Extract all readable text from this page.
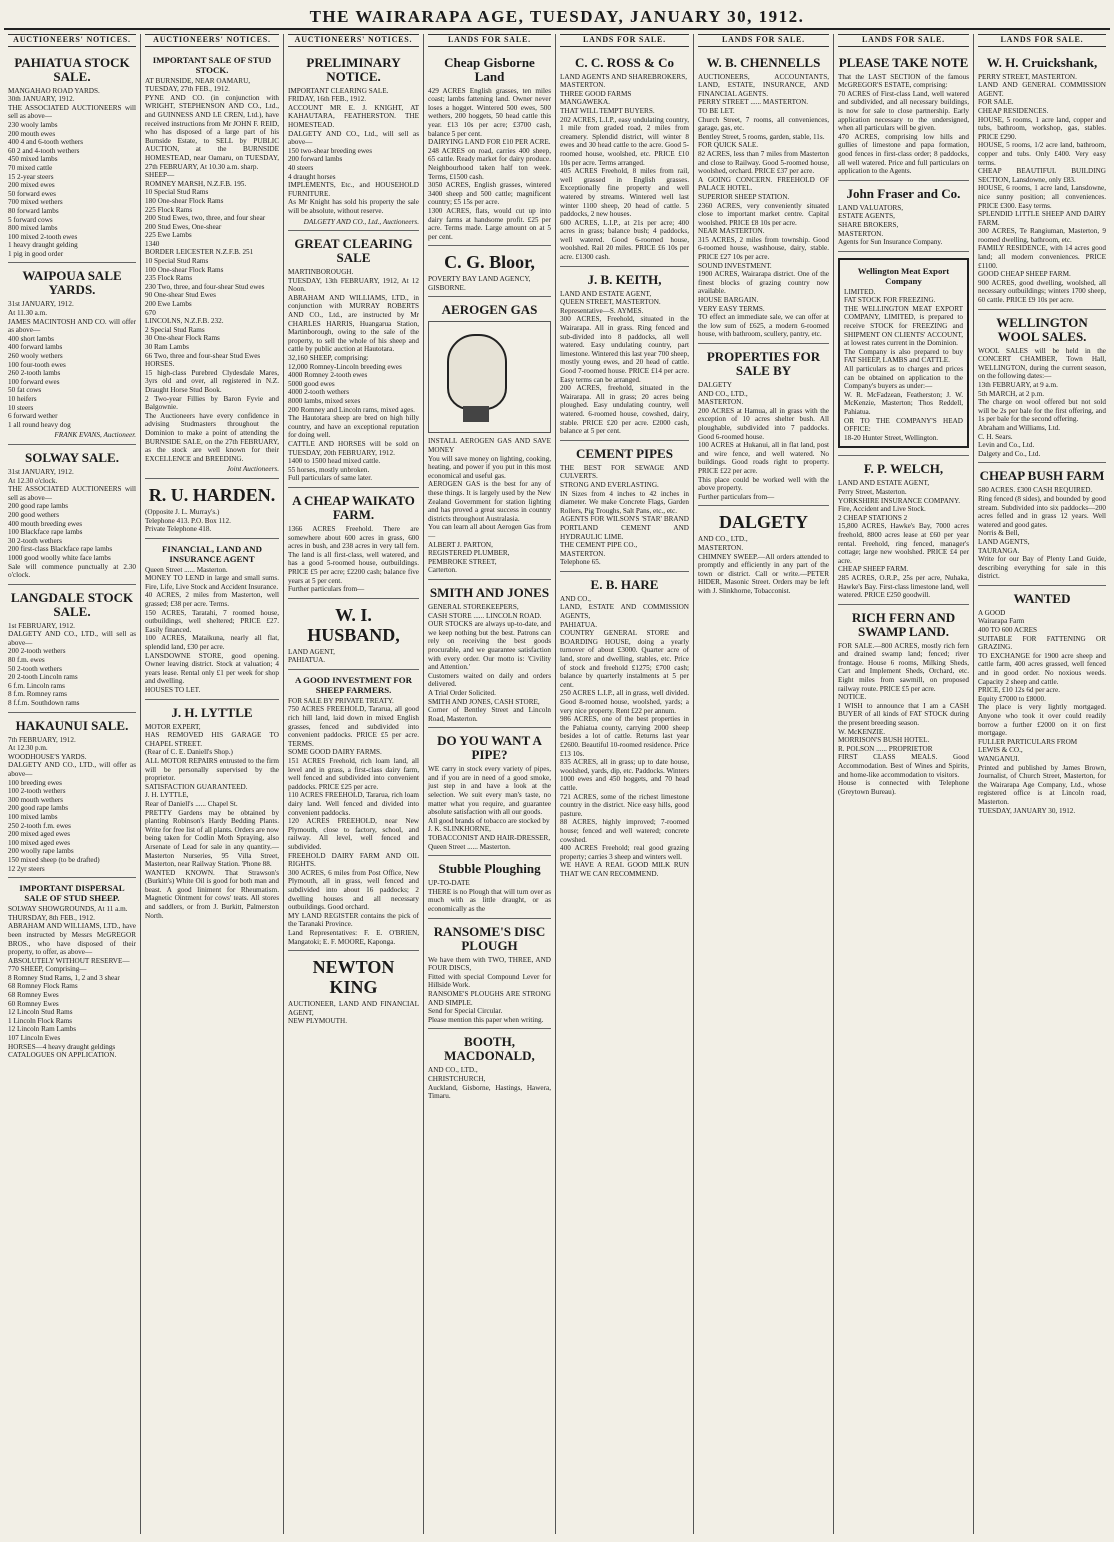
THE WAIRARAPA AGE, TUESDAY, JANUARY 30, 1912.
AUCTIONEERS' NOTICES.
PAHIATUA STOCK SALE.
MANGAHAO ROAD YARDS.
30th JANUARY, 1912.
THE ASSOCIATED AUCTIONEERS will sell as above—
230 wooly lambs
200 mouth ewes
400 4 and 6-tooth wethers
60 2 and 4-tooth wethers
450 mixed lambs
70 mixed cattle
15 2-year steers
200 mixed ewes
50 forward ewes
700 mixed wethers
80 forward lambs
5 forward cows
800 mixed lambs
100 mixed 2-tooth ewes
1 heavy draught gelding
1 pig in good order
WAIPOUA SALE YARDS.
31st JANUARY, 1912.
At 11.30 a.m.
JAMES MACINTOSH AND CO. will offer as above—
400 short lambs
400 forward lambs
260 wooly wethers
100 four-tooth ewes
260 2-tooth lambs
100 forward ewes
50 fat cows
10 heifers
10 steers
6 forward wether
1 all round heavy dog
FRANK EVANS, Auctioneer.
SOLWAY SALE.
31st JANUARY, 1912.
At 12.30 o'clock.
THE ASSOCIATED AUCTIONEERS will sell as above—
200 good rape lambs
200 good wethers
400 mouth breeding ewes
100 Blackface rape lambs
30 2-tooth wethers
200 first-class Blackface rape lambs
1000 good woolly white face lambs
Sale will commence punctually at 2.30 o'clock.
LANGDALE STOCK SALE.
1st FEBRUARY, 1912.
DALGETY AND CO., LTD., will sell as above—
200 2-tooth wethers
80 f.m. ewes
50 2-tooth wethers
20 2-tooth Lincoln rams
6 f.m. Lincoln rams
8 f.m. Romney rams
8 f.f.m. Southdown rams
HAKAUNUI SALE.
7th FEBRUARY, 1912.
At 12.30 p.m.
WOODHOUSE'S YARDS.
DALGETY AND CO., LTD., will offer as above—
100 breeding ewes
100 2-tooth wethers
300 mouth wethers
200 good rape lambs
100 mixed lambs
250 2-tooth f.m. ewes
200 mixed aged ewes
100 mixed aged ewes
200 woolly rape lambs
150 mixed sheep (to be drafted)
12 2yr steers
IMPORTANT DISPERSAL SALE OF STUD SHEEP.
SOLWAY SHOWGROUNDS, At 11 a.m.
THURSDAY, 8th FEB., 1912.
ABRAHAM AND WILLIAMS, LTD., have been instructed by Messrs McGREGOR BROS., who have disposed of their property, to offer, as above—
ABSOLUTELY WITHOUT RESERVE—
770 SHEEP, Comprising—
8 Romney Stud Rams, 1, 2 and 3 shear
68 Romney Flock Rams
68 Romney Ewes
60 Romney Ewes
12 Lincoln Stud Rams
1 Lincoln Flock Rams
12 Lincoln Ram Lambs
107 Lincoln Ewes
HORSES—4 heavy draught geldings
CATALOGUES ON APPLICATION.
AUCTIONEERS' NOTICES.
IMPORTANT SALE OF STUD STOCK.
AT BURNSIDE, NEAR OAMARU,
TUESDAY, 27th FEB., 1912.
PYNE AND CO. (in conjunction with WRIGHT, STEPHENSON AND CO., Ltd., and GUINNESS AND LE CREN, Ltd.), have received instructions from Mr JOHN F. REID, who has disposed of a large part of his Burnside Estate, to SELL by PUBLIC AUCTION, at the BURNSIDE HOMESTEAD, near Oamaru, on TUESDAY, 27th FEBRUARY, At 10.30 a.m. sharp.
SHEEP—
ROMNEY MARSH, N.Z.F.B. 195.
10 Special Stud Rams
180 One-shear Flock Rams
225 Flock Rams
200 Stud Ewes, two, three, and four shear
200 Stud Ewes, One-shear
225 Ewe Lambs
1340
BORDER LEICESTER N.Z.F.B. 251
10 Special Stud Rams
100 One-shear Flock Rams
235 Flock Rams
230 Two, three, and four-shear Stud ewes
90 One-shear Stud Ewes
200 Ewe Lambs
670
LINCOLNS, N.Z.F.B. 232.
2 Special Stud Rams
30 One-shear Flock Rams
30 Ram Lambs
66 Two, three and four-shear Stud Ewes
HORSES.
15 high-class Purebred Clydesdale Mares, 3yrs old and over, all registered in N.Z. Draught Horse Stud Book.
2 Two-year Fillies by Baron Fyvie and Balgownie.
The Auctioneers have every confidence in advising Studmasters throughout the Dominion to make a point of attending the BURNSIDE SALE, on the 27th FEBRUARY, as the stock are well known for their EXCELLENCE and BREEDING.
Joint Auctioneers.
R. U. HARDEN.
(Opposite J. L. Murray's.)
Telephone 413. P.O. Box 112.
Private Telephone 418.
FINANCIAL, LAND AND INSURANCE AGENT
Queen Street ...... Masterton.
MONEY TO LEND in large and small sums. Fire, Life, Live Stock and Accident Insurance.
40 ACRES, 2 miles from Masterton, well grassed; £38 per acre. Terms.
150 ACRES, Taratahi, 7 roomed house, outbuildings, well sheltered; PRICE £27. Easily financed.
100 ACRES, Mataikuna, nearly all flat, splendid land, £30 per acre.
LANSDOWNE STORE, good opening. Owner leaving district. Stock at valuation; 4 years lease. Rental only £1 per week for shop and dwelling.
HOUSES TO LET.
J. H. LYTTLE
MOTOR EXPERT,
HAS REMOVED HIS GARAGE TO CHAPEL STREET.
(Rear of C. E. Daniell's Shop.)
ALL MOTOR REPAIRS entrusted to the firm will be personally supervised by the proprietor.
SATISFACTION GUARANTEED.
J. H. LYTTLE,
Rear of Daniell's ...... Chapel St.
PRETTY Gardens may be obtained by planting Robinson's Hardy Bedding Plants. Write for free list of all plants. Orders are now being taken for Codlin Moth Spraying, also Arsenate of Lead for sale in any quantity.—Masterton Nurseries, 95 Villa Street, Masterton, near Railway Station. 'Phone 88.
WANTED KNOWN. That Strawson's (Burkitt's) White Oil is good for both man and beast. A good liniment for Rheumatism. Magnetic Ointment for cows' teats. All stores and saddlers, or from J. Burkitt, Palmerston North.
AUCTIONEERS' NOTICES.
PRELIMINARY NOTICE.
IMPORTANT CLEARING SALE.
FRIDAY, 16th FEB., 1912.
ACCOUNT MR E. J. KNIGHT, AT KAHAUTARA, FEATHERSTON. THE HOMESTEAD.
DALGETY AND CO., Ltd., will sell as above—
150 two-shear breeding ewes
200 forward lambs
40 steers
4 draught horses
IMPLEMENTS, Etc., and HOUSEHOLD FURNITURE.
As Mr Knight has sold his property the sale will be absolute, without reserve.
DALGETY AND CO., Ltd., Auctioneers.
GREAT CLEARING SALE
MARTINBOROUGH.
TUESDAY, 13th FEBRUARY, 1912, At 12 Noon.
ABRAHAM AND WILLIAMS, LTD., in conjunction with MURRAY ROBERTS AND CO., Ltd., are instructed by Mr CHARLES HARRIS, Huangarua Station, Martinborough, owing to the sale of the property, to sell the whole of his sheep and cattle by public auction at Hautotara.
32,160 SHEEP, comprising:
12,000 Romney-Lincoln breeding ewes
4000 Romney 2-tooth ewes
5000 good ewes
4000 2-tooth wethers
8000 lambs, mixed sexes
200 Romney and Lincoln rams, mixed ages.
The Hautotara sheep are bred on high hilly country, and have an exceptional reputation for doing well.
CATTLE AND HORSES will be sold on TUESDAY, 20th FEBRUARY, 1912.
1400 to 1500 head mixed cattle.
55 horses, mostly unbroken.
Full particulars of same later.
A CHEAP WAIKATO FARM.
1366 ACRES Freehold. There are somewhere about 600 acres in grass, 600 acres in bush, and 238 acres in very tall fern. The land is all first-class, well watered, and has a good 5-roomed house, outbuildings. PRICE £5 per acre; £2200 cash; balance five years at 5 per cent.
Further particulars from—
W. I. HUSBAND,
LAND AGENT,
PAHIATUA.
A GOOD INVESTMENT FOR SHEEP FARMERS.
FOR SALE BY PRIVATE TREATY.
750 ACRES FREEHOLD, Tararua, all good rich hill land, laid down in mixed English grasses, fenced and subdivided into convenient paddocks. PRICE £5 per acre. TERMS.
SOME GOOD DAIRY FARMS.
151 ACRES Freehold, rich loam land, all level and in grass, a first-class dairy farm, well fenced and subdivided into convenient paddocks. PRICE £25 per acre.
110 ACRES FREEHOLD, Tararua, rich loam dairy land. Well fenced and divided into convenient paddocks.
120 ACRES FREEHOLD, near New Plymouth, close to factory, school, and railway. All level, well fenced and subdivided.
FREEHOLD DAIRY FARM AND OIL RIGHTS.
300 ACRES, 6 miles from Post Office, New Plymouth, all in grass, well fenced and subdivided into about 16 paddocks; 2 dwelling houses and all necessary outbuildings. Good orchard.
MY LAND REGISTER contains the pick of the Taranaki Province.
Land Representatives: F. E. O'BRIEN, Mangatoki; E. F. MOORE, Kaponga.
NEWTON KING
AUCTIONEER, LAND AND FINANCIAL AGENT,
NEW PLYMOUTH.
LANDS FOR SALE.
Cheap Gisborne Land
429 ACRES English grasses, ten miles coast; lambs fattening land. Owner never loses a hogget. Wintered 500 ewes, 500 wethers, 200 hoggets, 50 head cattle this year. £13 10s per acre; £3700 cash, balance 5 per cent.
DAIRYING LAND FOR £10 PER ACRE.
248 ACRES on road, carries 400 sheep, 65 cattle. Ready market for dairy produce. Neighbourhood taken half ton week. Terms, £1500 cash.
3050 ACRES, English grasses, wintered 3400 sheep and 500 cattle; magnificent country; £5 15s per acre.
1300 ACRES, flats, would cut up into dairy farms at handsome profit. £25 per acre. Terms made. Large amount on at 5 per cent.
C. G. Bloor,
POVERTY BAY LAND AGENCY,
GISBORNE.
AEROGEN GAS
INSTALL AEROGEN GAS AND SAVE MONEY
You will save money on lighting, cooking, heating, and power if you put in this most economical and useful gas.
AEROGEN GAS is the best for any of these things. It is largely used by the New Zealand Government for station lighting and has proved a great success in country districts throughout Australasia.
You can learn all about Aerogen Gas from—
ALBERT J. PARTON,
REGISTERED PLUMBER,
PEMBROKE STREET,
Carterton.
SMITH AND JONES
GENERAL STOREKEEPERS,
CASH STORE ...... LINCOLN ROAD.
OUR STOCKS are always up-to-date, and we keep nothing but the best. Patrons can rely on receiving the best goods procurable, and we guarantee satisfaction with every order. Our motto is: 'Civility and Attention.'
Customers waited on daily and orders delivered.
A Trial Order Solicited.
SMITH AND JONES, CASH STORE,
Corner of Bentley Street and Lincoln Road, Masterton.
DO YOU WANT A PIPE?
WE carry in stock every variety of pipes, and if you are in need of a good smoke, just step in and have a look at the selection. We suit every man's taste, no matter what you require, and guarantee absolute satisfaction with all our goods.
All good brands of tobacco are stocked by
J. K. SLINKHORNE,
TOBACCONIST AND HAIR-DRESSER,
Queen Street ...... Masterton.
Stubble Ploughing
UP-TO-DATE
THERE is no Plough that will turn over as much with as little draught, or as economically as the
RANSOME'S DISC PLOUGH
We have them with TWO, THREE, AND FOUR DISCS,
Fitted with special Compound Lever for Hillside Work.
RANSOME'S PLOUGHS ARE STRONG AND SIMPLE.
Send for Special Circular.
Please mention this paper when writing.
BOOTH, MACDONALD,
AND CO., LTD.,
CHRISTCHURCH,
Auckland, Gisborne, Hastings, Hawera, Timaru.
LANDS FOR SALE.
C. C. ROSS & Co
LAND AGENTS AND SHAREBROKERS,
MASTERTON.
THREE GOOD FARMS
MANGAWEKA.
THAT WILL TEMPT BUYERS.
202 ACRES, L.I.P., easy undulating country, 1 mile from graded road, 2 miles from creamery. Splendid district, will winter 8 ewes and 30 head cattle to the acre. Good 5-roomed house, woolshed, etc. PRICE £10 10s per acre. Terms arranged.
405 ACRES Freehold, 8 miles from rail, well grassed in English grasses. Exceptionally fine property and well watered by streams. Wintered well last winter 1100 sheep, 20 head of cattle. 5 paddocks, 2 new houses.
600 ACRES, L.I.P., at 21s per acre; 400 acres in grass; balance bush; 4 paddocks, well watered. Good 6-roomed house, woolshed. Rail 20 miles. PRICE £6 10s per acre. £1300 cash.
J. B. KEITH,
LAND AND ESTATE AGENT,
QUEEN STREET, MASTERTON.
Representative—S. AYMES.
300 ACRES, Freehold, situated in the Wairarapa. All in grass. Ring fenced and sub-divided into 8 paddocks, all well watered. Easy undulating country, part limestone. Wintered this last year 700 sheep, mostly young ewes, and 20 head of cattle. Good 7-roomed house. PRICE £14 per acre. Easy terms can be arranged.
200 ACRES, freehold, situated in the Wairarapa. All in grass; 20 acres being ploughed. Easy undulating country, well watered. 6-roomed house, cowshed, dairy, stable. PRICE £20 per acre. £2000 cash, balance at 5 per cent.
CEMENT PIPES
THE BEST FOR SEWAGE AND CULVERTS.
STRONG AND EVERLASTING.
IN Sizes from 4 inches to 42 inches in diameter. We make Concrete Flags, Garden Rollers, Pig Troughs, Salt Pans, etc., etc.
AGENTS FOR WILSON'S 'STAR' BRAND PORTLAND CEMENT AND HYDRAULIC LIME.
THE CEMENT PIPE CO.,
MASTERTON.
Telephone 65.
E. B. HARE
AND CO.,
LAND, ESTATE AND COMMISSION AGENTS,
PAHIATUA.
COUNTRY GENERAL STORE and BOARDING HOUSE, doing a yearly turnover of about £3000. Quarter acre of land, store and dwelling, stables, etc. Price of stock and freehold £1275; £700 cash; balance by quarterly instalments at 5 per cent.
250 ACRES L.I.P., all in grass, well divided. Good 8-roomed house, woolshed, yards; a very nice property. Rent £22 per annum.
986 ACRES, one of the best properties in the Pahiatua county, carrying 2000 sheep besides a lot of cattle. Returns last year £2600. Beautiful 10-roomed residence. Price £13 10s.
835 ACRES, all in grass; up to date house, woolshed, yards, dip, etc. Paddocks. Winters 1000 ewes and 450 hoggets, and 70 head cattle.
721 ACRES, some of the richest limestone country in the district. Nice easy hills, good pasture.
88 ACRES, highly improved; 7-roomed house; fenced and well watered; concrete cowshed.
400 ACRES Freehold; real good grazing property; carries 3 sheep and winters well.
WE HAVE A REAL GOOD MILK RUN THAT WE CAN RECOMMEND.
LANDS FOR SALE.
W. B. CHENNELLS
AUCTIONEERS, ACCOUNTANTS, LAND, ESTATE, INSURANCE, AND FINANCIAL AGENTS.
PERRY STREET ...... MASTERTON.
TO BE LET.
Church Street, 7 rooms, all conveniences, garage, gas, etc.
Bentley Street, 5 rooms, garden, stable, 11s.
FOR QUICK SALE.
82 ACRES, less than 7 miles from Masterton and close to Railway. Good 5-roomed house, woolshed, orchard. PRICE £37 per acre.
A GOING CONCERN. FREEHOLD OF PALACE HOTEL.
SUPERIOR SHEEP STATION.
2360 ACRES, very conveniently situated close to important market centre. Capital woolshed. PRICE £8 10s per acre.
NEAR MASTERTON.
315 ACRES, 2 miles from township. Good 6-roomed house, washhouse, dairy, stable. PRICE £27 10s per acre.
SOUND INVESTMENT.
1900 ACRES, Wairarapa district. One of the finest blocks of grazing country now available.
HOUSE BARGAIN.
VERY EASY TERMS.
TO effect an immediate sale, we can offer at the low sum of £625, a modern 6-roomed house, with bathroom, scullery, pantry, etc.
PROPERTIES FOR SALE BY
DALGETY
AND CO., LTD.,
MASTERTON.
200 ACRES at Hamua, all in grass with the exception of 10 acres shelter bush. All ploughable, subdivided into 7 paddocks. Good 6-roomed house.
100 ACRES at Hukanui, all in flat land, post and wire fence, and well watered. No buildings. Good roads right to property. PRICE £22 per acre.
This place could be worked well with the above property.
Further particulars from—
DALGETY
AND CO., LTD.,
MASTERTON.
CHIMNEY SWEEP.—All orders attended to promptly and efficiently in any part of the town or district. Call or write.—PETER HIDER, Masonic Street. Orders may be left with J. Slinkhorne, Tobacconist.
LANDS FOR SALE.
PLEASE TAKE NOTE
That the LAST SECTION of the famous McGREGOR'S ESTATE, comprising:
70 ACRES of First-class Land, well watered and subdivided, and all necessary buildings, is now for sale to close partnership. Early application necessary to the undersigned, when all particulars will be given.
470 ACRES, comprising low hills and gullies of limestone and papa formation, good fences in first-class order; 8 paddocks, all well watered. Price and full particulars on application to the Agents.
John Fraser and Co.
LAND VALUATORS,
ESTATE AGENTS,
SHARE BROKERS,
MASTERTON.
Agents for Sun Insurance Company.
Wellington Meat Export Company
LIMITED.
FAT STOCK FOR FREEZING.
THE WELLINGTON MEAT EXPORT COMPANY, LIMITED, is prepared to receive STOCK for FREEZING and SHIPMENT ON CLIENTS' ACCOUNT, at lowest rates current in the Dominion.
The Company is also prepared to buy FAT SHEEP, LAMBS and CATTLE.
All particulars as to charges and prices can be obtained on application to the Company's buyers as under:—
W. R. McFadzean, Featherston; J. W. McKenzie, Masterton; Thos Reddell, Pahiatua.
OR TO THE COMPANY'S HEAD OFFICE:
18-20 Hunter Street, Wellington.
F. P. WELCH,
LAND AND ESTATE AGENT,
Perry Street, Masterton.
YORKSHIRE INSURANCE COMPANY.
Fire, Accident and Live Stock.
2 CHEAP STATIONS 2
15,800 ACRES, Hawke's Bay, 7000 acres freehold, 8800 acres lease at £60 per year rental. Freehold, ring fenced, manager's cottage; large new woolshed. PRICE £4 per acre.
CHEAP SHEEP FARM.
285 ACRES, O.R.P., 25s per acre, Nuhaka, Hawke's Bay. First-class limestone land, well watered. PRICE £250 goodwill.
RICH FERN AND SWAMP LAND.
FOR SALE.—800 ACRES, mostly rich fern and drained swamp land; fenced; river frontage. House 6 rooms, Milking Sheds, Cart and Implement Sheds, Orchard, etc. Eight miles from sawmill, on proposed railway route. PRICE £5 per acre.
NOTICE.
I WISH to announce that I am a CASH BUYER of all kinds of FAT STOCK during the present breeding season.
W. McKENZIE.
MORRISON'S BUSH HOTEL.
R. POLSON ...... PROPRIETOR
FIRST CLASS MEALS. Good Accommodation. Best of Wines and Spirits, and home-like accommodation to visitors.
House is connected with Telephone (Greytown Bureau).
LANDS FOR SALE.
W. H. Cruickshank,
PERRY STREET, MASTERTON.
LAND AND GENERAL COMMISSION AGENT.
FOR SALE.
CHEAP RESIDENCES.
HOUSE, 5 rooms, 1 acre land, copper and tubs, bathroom, workshop, gas, stables. PRICE £290.
HOUSE, 5 rooms, 1/2 acre land, bathroom, copper and tubs. Only £400. Very easy terms.
CHEAP BEAUTIFUL BUILDING SECTION, Lansdowne, only £83.
HOUSE, 6 rooms, 1 acre land, Lansdowne, nice sunny position; all conveniences. PRICE £300. Easy terms.
SPLENDID LITTLE SHEEP AND DAIRY FARM.
300 ACRES, Te Rangiuman, Masterton, 9 roomed dwelling, bathroom, etc.
FAMILY RESIDENCE, with 14 acres good land; all modern conveniences. PRICE £1100.
GOOD CHEAP SHEEP FARM.
900 ACRES, good dwelling, woolshed, all necessary outbuildings; winters 1700 sheep, 60 cattle. PRICE £9 10s per acre.
WELLINGTON WOOL SALES.
WOOL SALES will be held in the CONCERT CHAMBER, Town Hall, WELLINGTON, during the current season, on the following dates:—
13th FEBRUARY, at 9 a.m.
5th MARCH, at 2 p.m.
The charge on wool offered but not sold will be 2s per bale for the first offering, and 1s per bale for the second offering.
Abraham and Williams, Ltd.
C. H. Sears.
Levin and Co., Ltd.
Dalgety and Co., Ltd.
CHEAP BUSH FARM
580 ACRES. £300 CASH REQUIRED.
Ring fenced (8 sides), and bounded by good stream. Subdivided into six paddocks—200 acres felled and in grass 12 years. Well watered and good gates.
Norris & Bell,
LAND AGENTS,
TAURANGA.
Write for our Bay of Plenty Land Guide, describing everything for sale in this district.
WANTED
A GOOD
Wairarapa Farm
400 TO 600 ACRES
SUITABLE FOR FATTENING OR GRAZING.
TO EXCHANGE for 1900 acre sheep and cattle farm, 400 acres grassed, well fenced and in good order. No noxious weeds. Capacity 2 sheep and cattle.
PRICE, £10 12s 6d per acre.
Equity £7000 to £8000.
The place is very lightly mortgaged. Anyone who took it over could readily borrow a further £2000 on it on first mortgage.
FULLER PARTICULARS FROM
LEWIS & CO.,
WANGANUI.
Printed and published by James Brown, Journalist, of Church Street, Masterton, for the Wairarapa Age Company, Ltd., whose registered office is at Lincoln road, Masterton.
TUESDAY, JANUARY 30, 1912.
